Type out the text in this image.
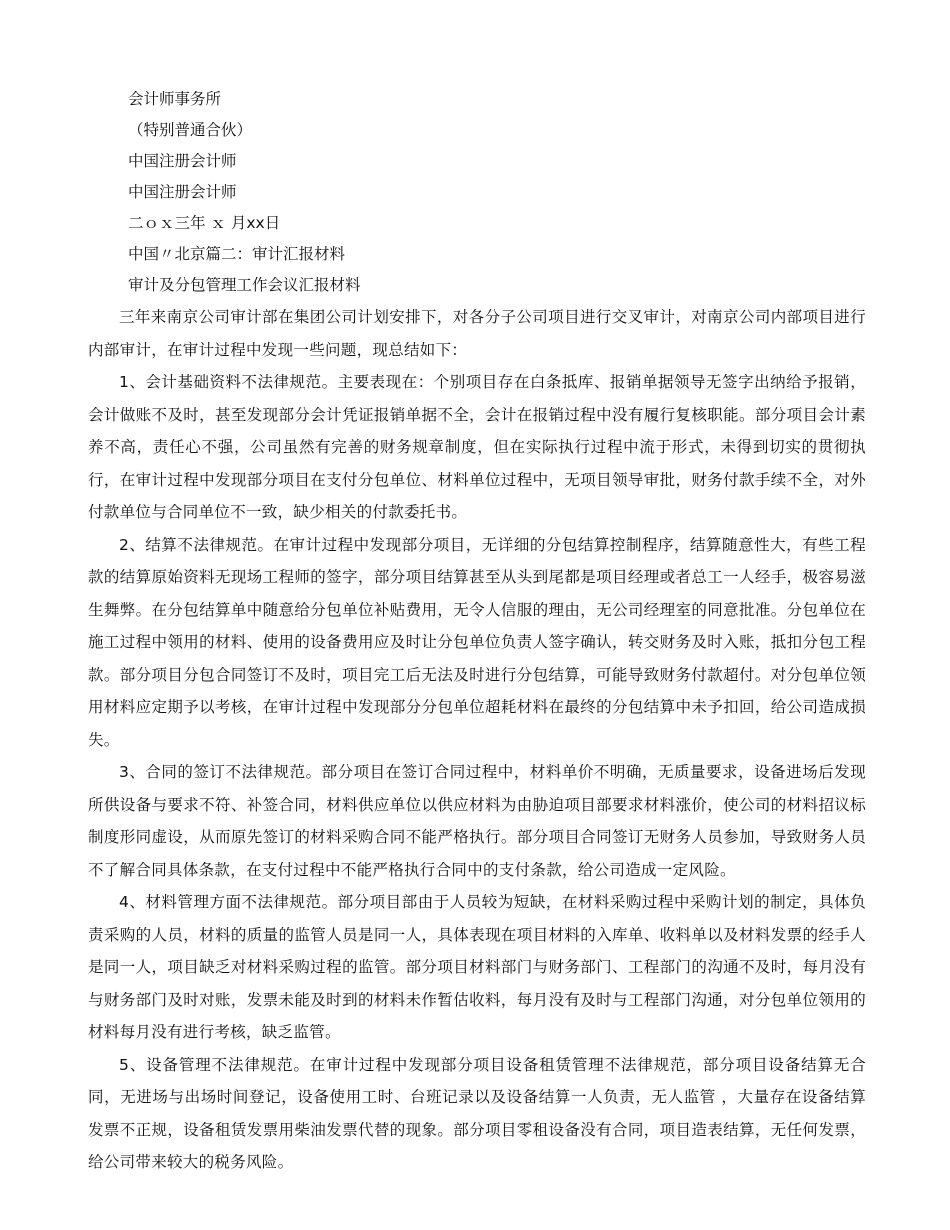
会计师事务所

（特别普通合伙）

中国注册会计师

中国注册会计师

二ｏｘ三年 ｘ 月xx日

中国〃北京篇二：审计汇报材料

审计及分包管理工作会议汇报材料

三年来南京公司审计部在集团公司计划安排下，对各分子公司项目进行交叉审计，对南京公司内部项目进行内部审计，在审计过程中发现一些问题，现总结如下：

1、会计基础资料不法律规范。主要表现在：个别项目存在白条抵库、报销单据领导无签字出纳给予报销，会计做账不及时，甚至发现部分会计凭证报销单据不全，会计在报销过程中没有履行复核职能。部分项目会计素养不高，责任心不强，公司虽然有完善的财务规章制度，但在实际执行过程中流于形式，未得到切实的贯彻执行，在审计过程中发现部分项目在支付分包单位、材料单位过程中，无项目领导审批，财务付款手续不全，对外付款单位与合同单位不一致，缺少相关的付款委托书。

2、结算不法律规范。在审计过程中发现部分项目，无详细的分包结算控制程序，结算随意性大，有些工程款的结算原始资料无现场工程师的签字，部分项目结算甚至从头到尾都是项目经理或者总工一人经手，极容易滋生舞弊。在分包结算单中随意给分包单位补贴费用，无令人信服的理由，无公司经理室的同意批准。分包单位在施工过程中领用的材料、使用的设备费用应及时让分包单位负责人签字确认，转交财务及时入账，抵扣分包工程款。部分项目分包合同签订不及时，项目完工后无法及时进行分包结算，可能导致财务付款超付。对分包单位领用材料应定期予以考核，在审计过程中发现部分分包单位超耗材料在最终的分包结算中未予扣回，给公司造成损失。

3、合同的签订不法律规范。部分项目在签订合同过程中，材料单价不明确，无质量要求，设备进场后发现所供设备与要求不符、补签合同，材料供应单位以供应材料为由胁迫项目部要求材料涨价，使公司的材料招议标制度形同虚设，从而原先签订的材料采购合同不能严格执行。部分项目合同签订无财务人员参加，导致财务人员不了解合同具体条款，在支付过程中不能严格执行合同中的支付条款，给公司造成一定风险。

4、材料管理方面不法律规范。部分项目部由于人员较为短缺，在材料采购过程中采购计划的制定，具体负责采购的人员，材料的质量的监管人员是同一人，具体表现在项目材料的入库单、收料单以及材料发票的经手人是同一人，项目缺乏对材料采购过程的监管。部分项目材料部门与财务部门、工程部门的沟通不及时，每月没有与财务部门及时对账，发票未能及时到的材料未作暂估收料，每月没有及时与工程部门沟通，对分包单位领用的材料每月没有进行考核，缺乏监管。

5、设备管理不法律规范。在审计过程中发现部分项目设备租赁管理不法律规范，部分项目设备结算无合同，无进场与出场时间登记，设备使用工时、台班记录以及设备结算一人负责，无人监管 ，大量存在设备结算发票不正规，设备租赁发票用柴油发票代替的现象。部分项目零租设备没有合同，项目造表结算，无任何发票，给公司带来较大的税务风险。
